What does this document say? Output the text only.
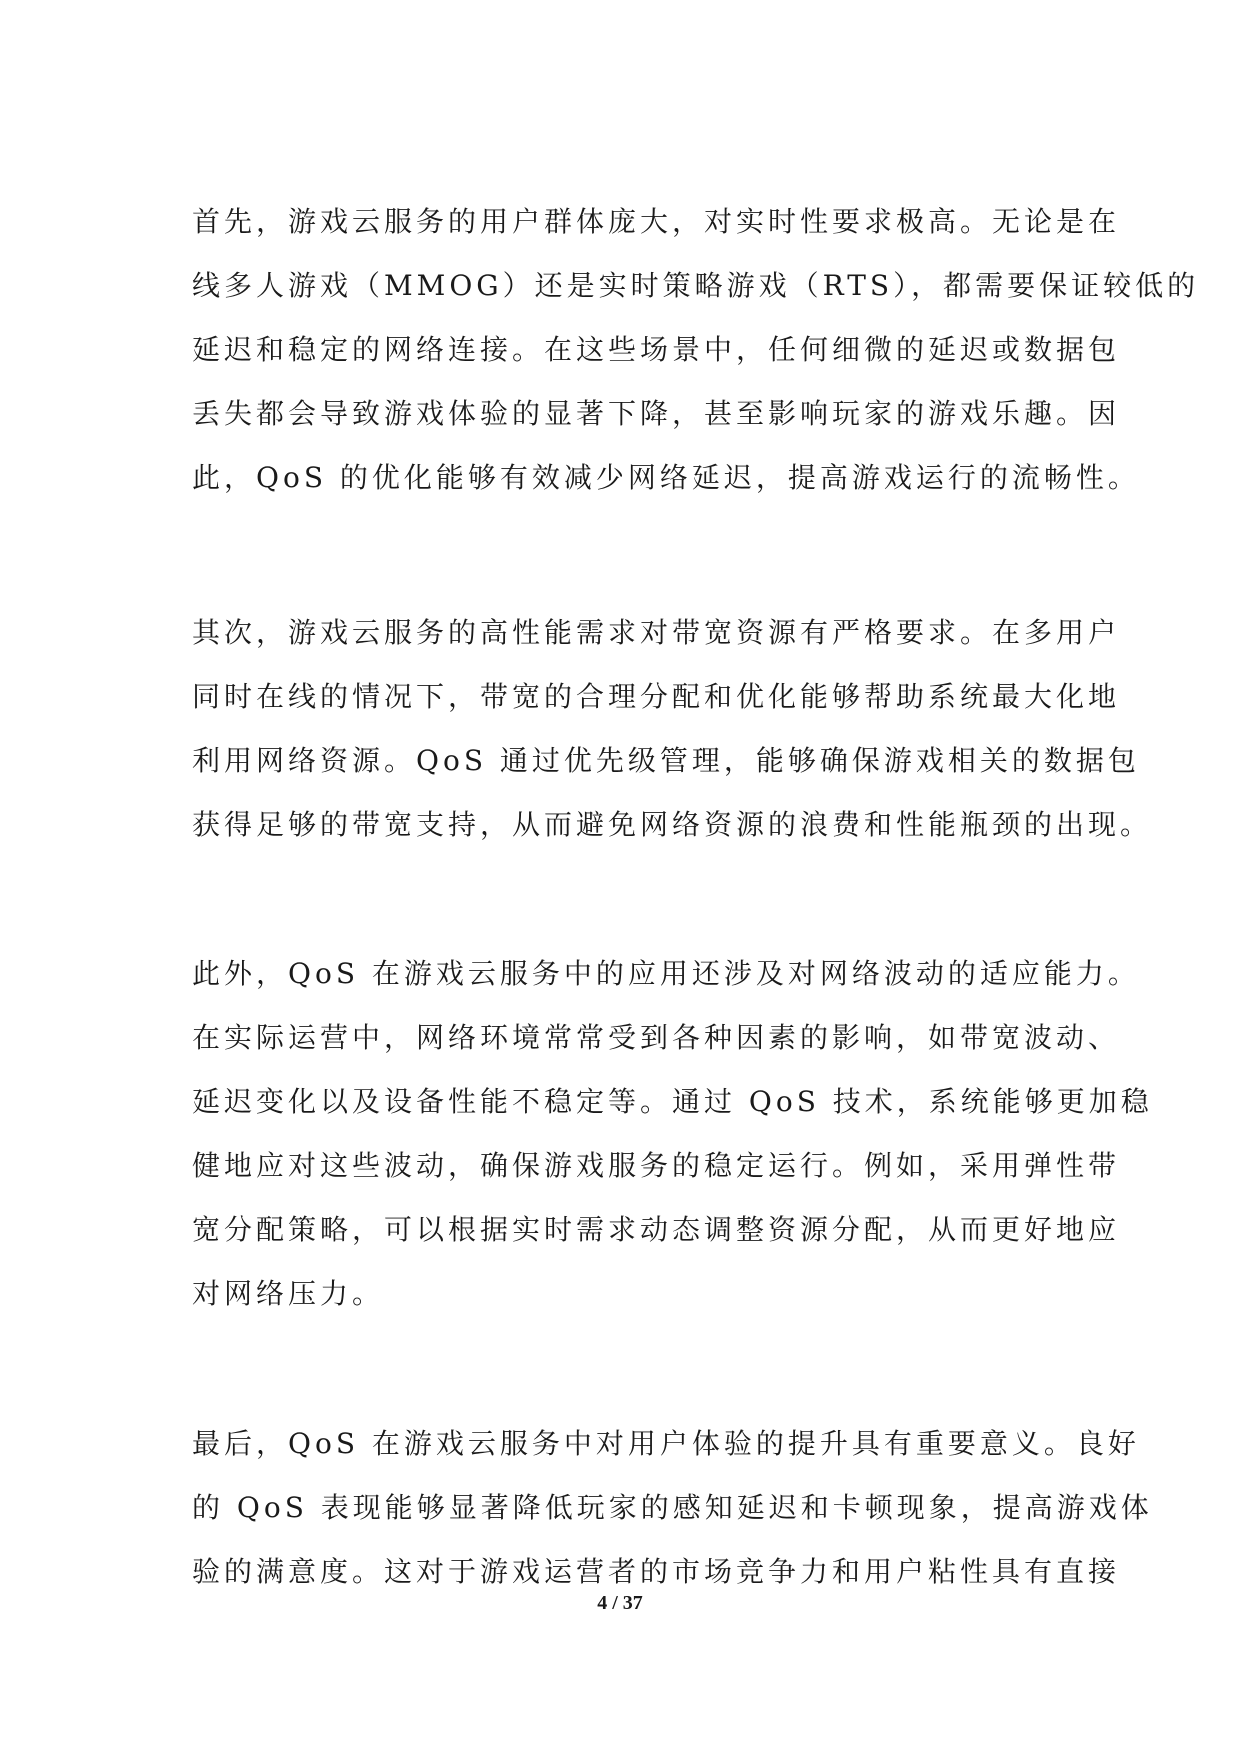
首先，游戏云服务的用户群体庞大，对实时性要求极高。无论是在
线多人游戏（MMOG）还是实时策略游戏（RTS），都需要保证较低的
延迟和稳定的网络连接。在这些场景中，任何细微的延迟或数据包
丢失都会导致游戏体验的显著下降，甚至影响玩家的游戏乐趣。因
此，QoS 的优化能够有效减少网络延迟，提高游戏运行的流畅性。
其次，游戏云服务的高性能需求对带宽资源有严格要求。在多用户
同时在线的情况下，带宽的合理分配和优化能够帮助系统最大化地
利用网络资源。QoS 通过优先级管理，能够确保游戏相关的数据包
获得足够的带宽支持，从而避免网络资源的浪费和性能瓶颈的出现。
此外，QoS 在游戏云服务中的应用还涉及对网络波动的适应能力。
在实际运营中，网络环境常常受到各种因素的影响，如带宽波动、
延迟变化以及设备性能不稳定等。通过 QoS 技术，系统能够更加稳
健地应对这些波动，确保游戏服务的稳定运行。例如，采用弹性带
宽分配策略，可以根据实时需求动态调整资源分配，从而更好地应
对网络压力。
最后，QoS 在游戏云服务中对用户体验的提升具有重要意义。良好
的 QoS 表现能够显著降低玩家的感知延迟和卡顿现象，提高游戏体
验的满意度。这对于游戏运营者的市场竞争力和用户粘性具有直接
4 / 37
